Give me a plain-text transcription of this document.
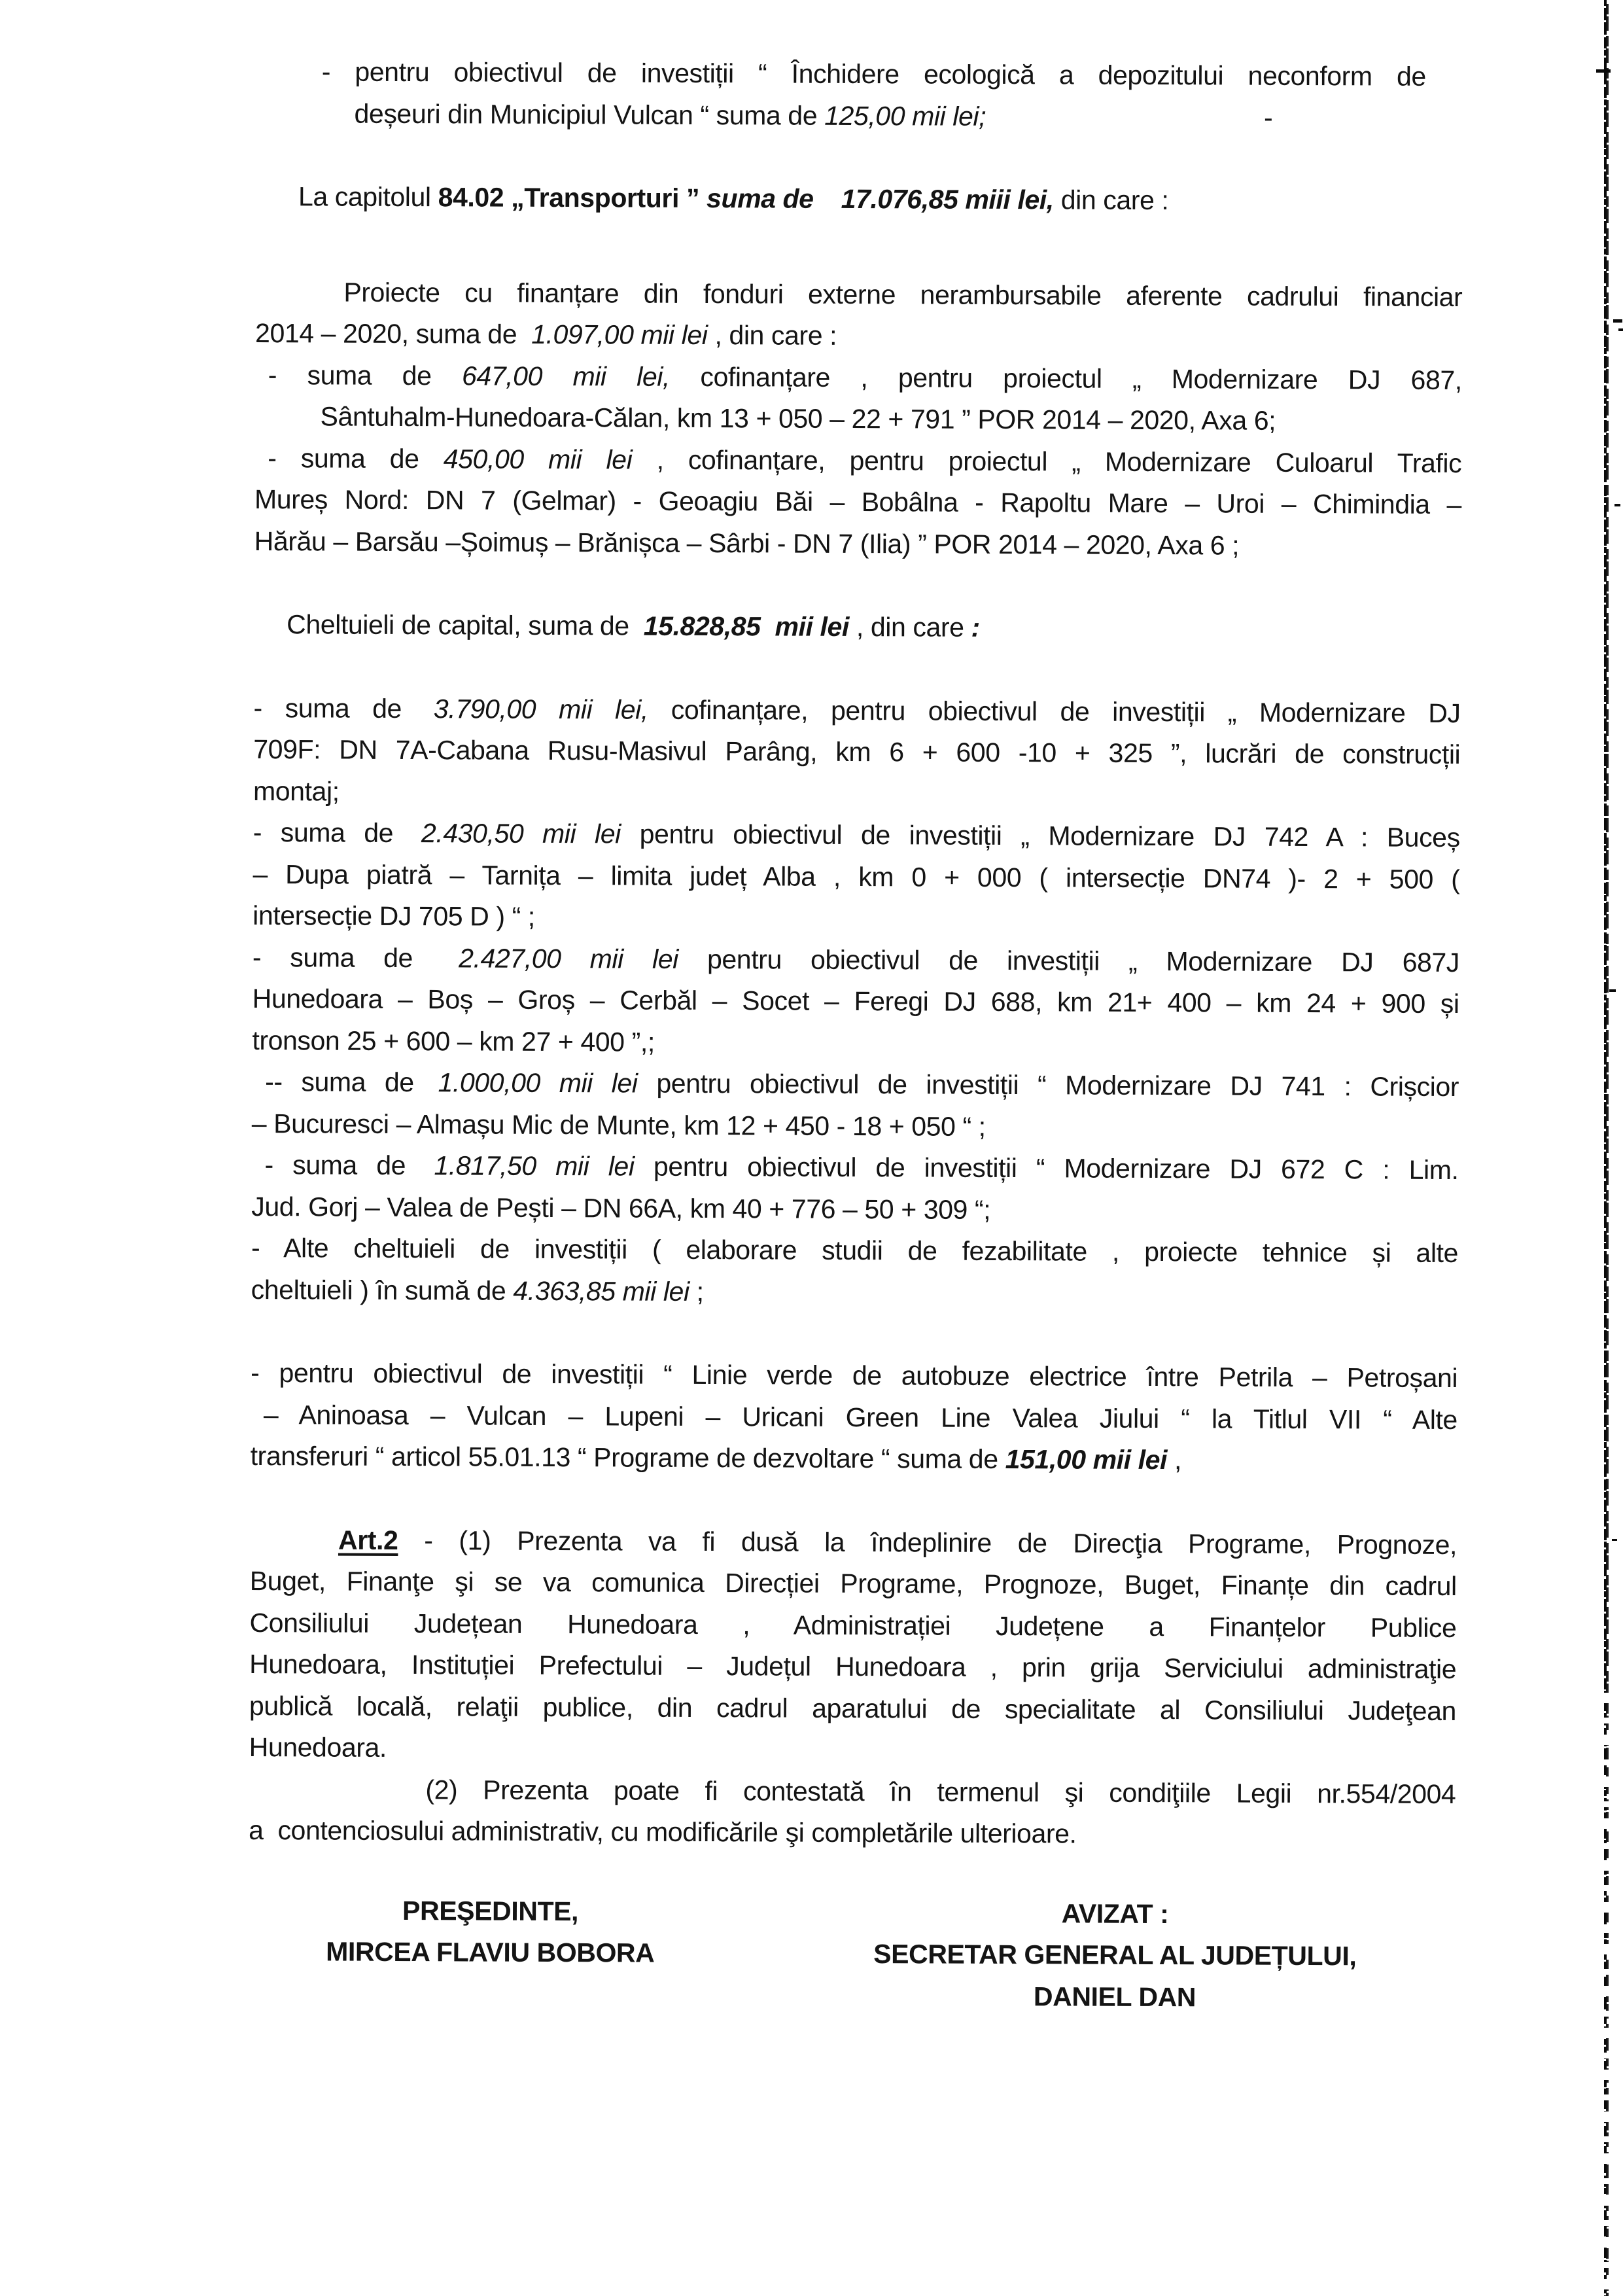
- pentru obiectivul de investiții “ Închidere ecologică a depozitului neconform de
deșeuri din Municipiul Vulcan “ suma de 125,00 mii lei;	-
La capitolul 84.02 „Transporturi ” suma de 17.076,85 miii lei, din care :
Proiecte cu finanțare din fonduri externe nerambursabile aferente cadrului financiar
2014 – 2020, suma de  1.097,00 mii lei , din care :
- suma de 647,00 mii lei, cofinanțare , pentru proiectul „ Modernizare DJ 687,
Sântuhalm-Hunedoara-Călan, km 13 + 050 – 22 + 791 ” POR 2014 – 2020, Axa 6;
- suma de 450,00 mii lei , cofinanțare, pentru proiectul „ Modernizare Culoarul Trafic
Mureș Nord: DN 7 (Gelmar) - Geoagiu Băi – Bobâlna - Rapoltu Mare – Uroi – Chimindia –
Hărău – Barsău –Șoimuș – Brănișca – Sârbi - DN 7 (Ilia) ” POR 2014 – 2020, Axa 6 ;
Cheltuieli de capital, suma de  15.828,85  mii lei , din care :
- suma de 3.790,00 mii lei, cofinanțare, pentru obiectivul de investiții „ Modernizare DJ
709F: DN 7A-Cabana Rusu-Masivul Parâng, km 6 + 600 -10 + 325 ”, lucrări de construcții
montaj;
- suma de 2.430,50 mii lei pentru obiectivul de investiții „ Modernizare DJ 742 A : Buceș
– Dupa piatră – Tarnița – limita județ Alba , km 0 + 000 ( intersecție DN74 )- 2 + 500 (
intersecție DJ 705 D ) “ ;
- suma de 2.427,00 mii lei pentru obiectivul de investiții „ Modernizare DJ 687J
Hunedoara – Boș – Groș – Cerbăl – Socet – Feregi DJ 688, km 21+ 400 – km 24 + 900 și
tronson 25 + 600 – km 27 + 400 ”,;
-- suma de 1.000,00 mii lei pentru obiectivul de investiții “ Modernizare DJ 741 : Crișcior
– Bucuresci – Almașu Mic de Munte, km 12 + 450 - 18 + 050 “ ;
- suma de 1.817,50 mii lei pentru obiectivul de investiții “ Modernizare DJ 672 C : Lim.
Jud. Gorj – Valea de Pești – DN 66A, km 40 + 776 – 50 + 309 “;
- Alte cheltuieli de investiții ( elaborare studii de fezabilitate , proiecte tehnice și alte
cheltuieli ) în sumă de 4.363,85 mii lei ;
- pentru obiectivul de investiții “ Linie verde de autobuze electrice între Petrila – Petroșani
– Aninoasa – Vulcan – Lupeni – Uricani Green Line Valea Jiului “ la Titlul VII “ Alte
transferuri “ articol 55.01.13 “ Programe de dezvoltare “ suma de 151,00 mii lei ,
Art.2 - (1) Prezenta va fi dusă la îndeplinire de Direcţia Programe, Prognoze,
Buget, Finanţe şi se va comunica Direcției Programe, Prognoze, Buget, Finanțe din cadrul
Consiliului Județean Hunedoara , Administrației Județene a Finanțelor Publice
Hunedoara, Instituției Prefectului – Județul Hunedoara , prin grija Serviciului administraţie
publică locală, relaţii publice, din cadrul aparatului de specialitate al Consiliului Judeţean
Hunedoara.
(2) Prezenta poate fi contestată în termenul şi condiţiile Legii nr.554/2004
a  contenciosului administrativ, cu modificările şi completările ulterioare.
PREŞEDINTE,
MIRCEA FLAVIU BOBORA
AVIZAT :
SECRETAR GENERAL AL JUDEȚULUI,
DANIEL DAN
